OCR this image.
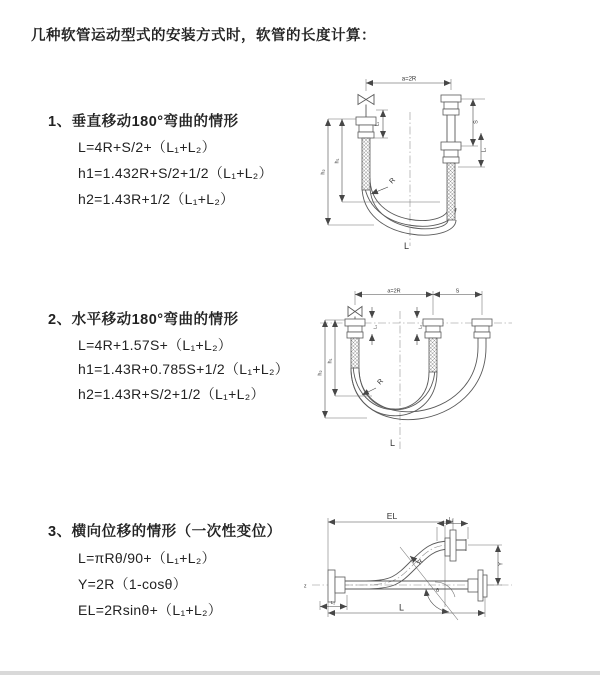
几种软管运动型式的安装方式时，软管的长度计算：
1、垂直移动180°弯曲的情形
L=4R+S/2+（L₁+L₂）
h1=1.432R+S/2+1/2（L₁+L₂）
h2=1.43R+1/2（L₁+L₂）
2、水平移动180°弯曲的情形
L=4R+1.57S+（L₁+L₂）
h1=1.43R+0.785S+1/2（L₁+L₂）
h2=1.43R+S/2+1/2（L₁+L₂）
3、横向位移的情形（一次性变位）
L=πRθ/90+（L₁+L₂）
Y=2R（1-cosθ）
EL=2Rsinθ+（L₁+L₂）
a=2R
h₂
h₁
L₁	S
L₂
R
L
a=2R	S
h₂
h₁
L₁	L₂
R
L
z
EL	L₁
θ
Y
R
L₂	L
